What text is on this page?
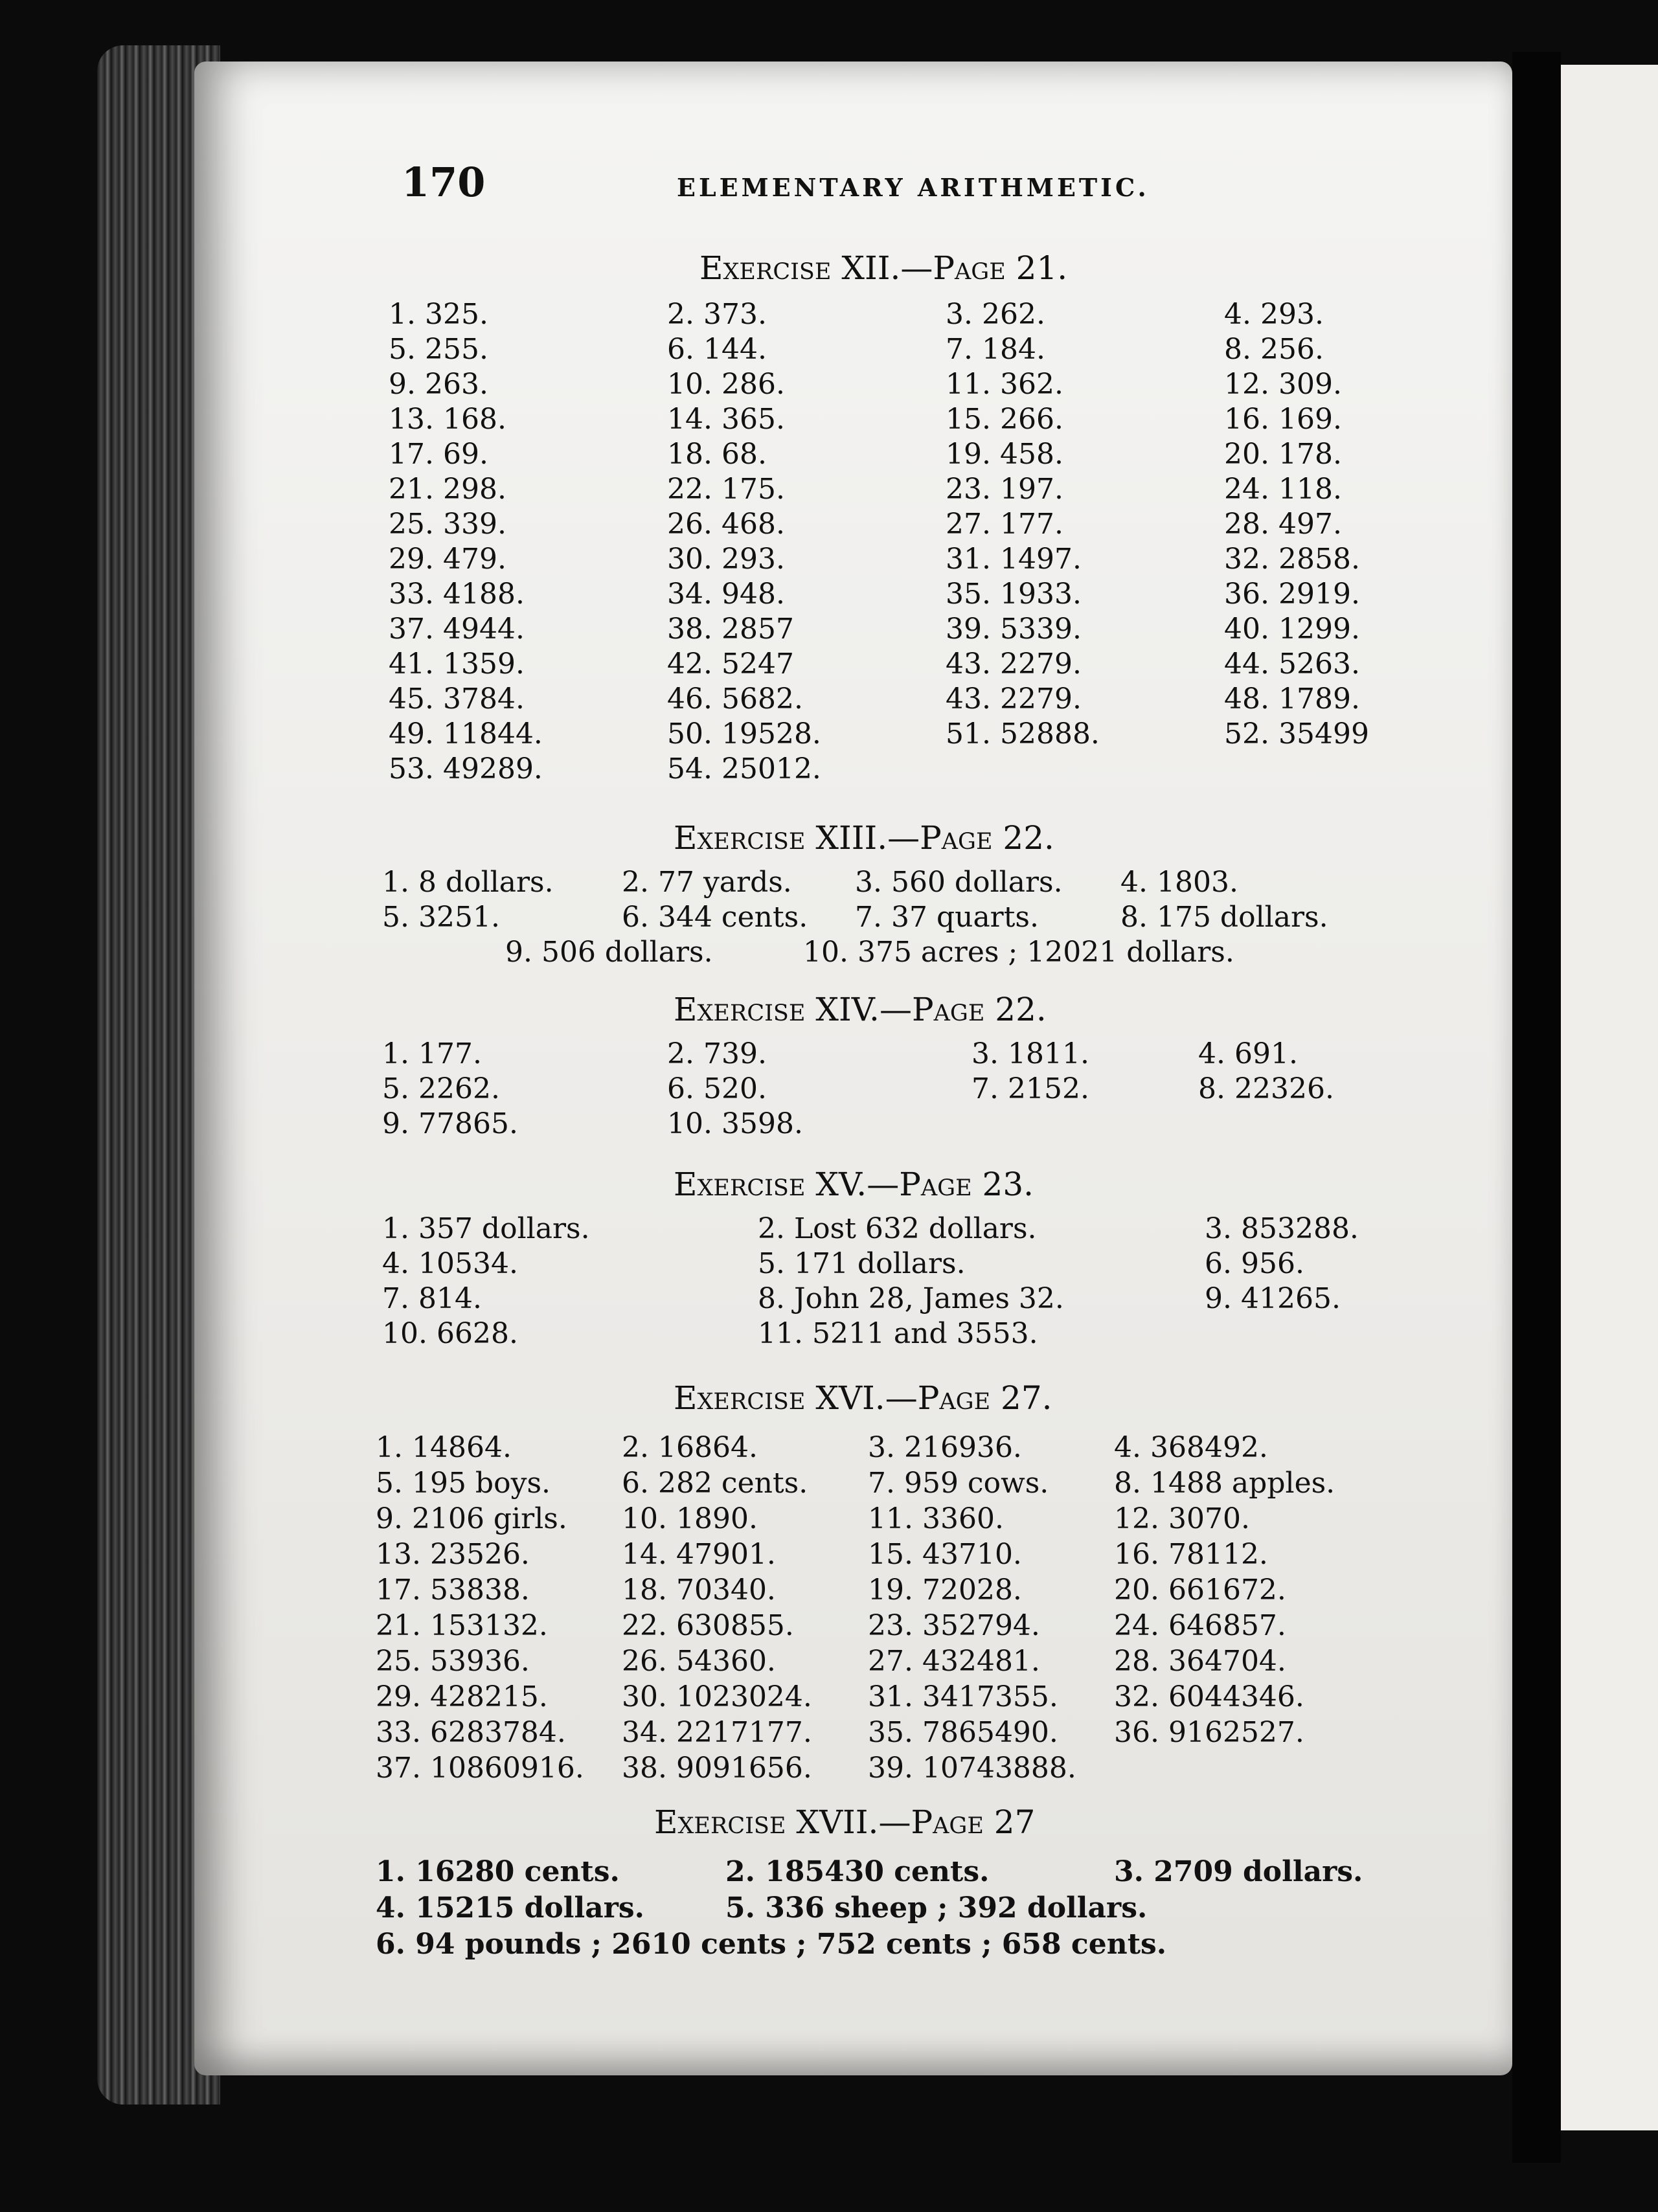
170	ELEMENTARY ARITHMETIC.
Exercise XII.—Page 21.
1. 325.	2. 373.	3. 262.	4. 293.
5. 255.	6. 144.	7. 184.	8. 256.
9. 263.	10. 286.	11. 362.	12. 309.
13. 168.	14. 365.	15. 266.	16. 169.
17. 69.	18. 68.	19. 458.	20. 178.
21. 298.	22. 175.	23. 197.	24. 118.
25. 339.	26. 468.	27. 177.	28. 497.
29. 479.	30. 293.	31. 1497.	32. 2858.
33. 4188.	34. 948.	35. 1933.	36. 2919.
37. 4944.	38. 2857	39. 5339.	40. 1299.
41. 1359.	42. 5247	43. 2279.	44. 5263.
45. 3784.	46. 5682.	43. 2279.	48. 1789.
49. 11844.	50. 19528.	51. 52888.	52. 35499
53. 49289.	54. 25012.
Exercise XIII.—Page 22.
1. 8 dollars. 2. 77 yards. 3. 560 dollars. 4. 1803.
5. 3251.	6. 344 cents. 7. 37 quarts.	8. 175 dollars.
9. 506 dollars.	10. 375 acres ; 12021 dollars.
Exercise XIV.—Page 22.
1. 177.	2. 739.	3. 1811.	4. 691.
5. 2262.	6. 520.	7. 2152.	8. 22326.
9. 77865.	10. 3598.
Exercise XV.—Page 23.
1. 357 dollars.	2. Lost 632 dollars.	3. 853288.
4. 10534.	5. 171 dollars.	6. 956.
7. 814.	8. John 28, James 32.	9. 41265.
10. 6628.	11. 5211 and 3553.
Exercise XVI.—Page 27.
1. 14864.	2. 16864.	3. 216936.	4. 368492.
5. 195 boys. 6. 282 cents. 7. 959 cows. 8. 1488 apples.
9. 2106 girls. 10. 1890.	11. 3360.	12. 3070.
13. 23526.	14. 47901.	15. 43710.	16. 78112.
17. 53838.	18. 70340.	19. 72028.	20. 661672.
21. 153132.	22. 630855.	23. 352794.	24. 646857.
25. 53936.	26. 54360.	27. 432481.	28. 364704.
29. 428215.	30. 1023024. 31. 3417355. 32. 6044346.
33. 6283784. 34. 2217177. 35. 7865490. 36. 9162527.
37. 10860916. 38. 9091656. 39. 10743888.
Exercise XVII.—Page 27
1. 16280 cents.	2. 185430 cents.	3. 2709 dollars.
4. 15215 dollars.	5. 336 sheep ; 392 dollars.
6. 94 pounds ; 2610 cents ; 752 cents ; 658 cents.
